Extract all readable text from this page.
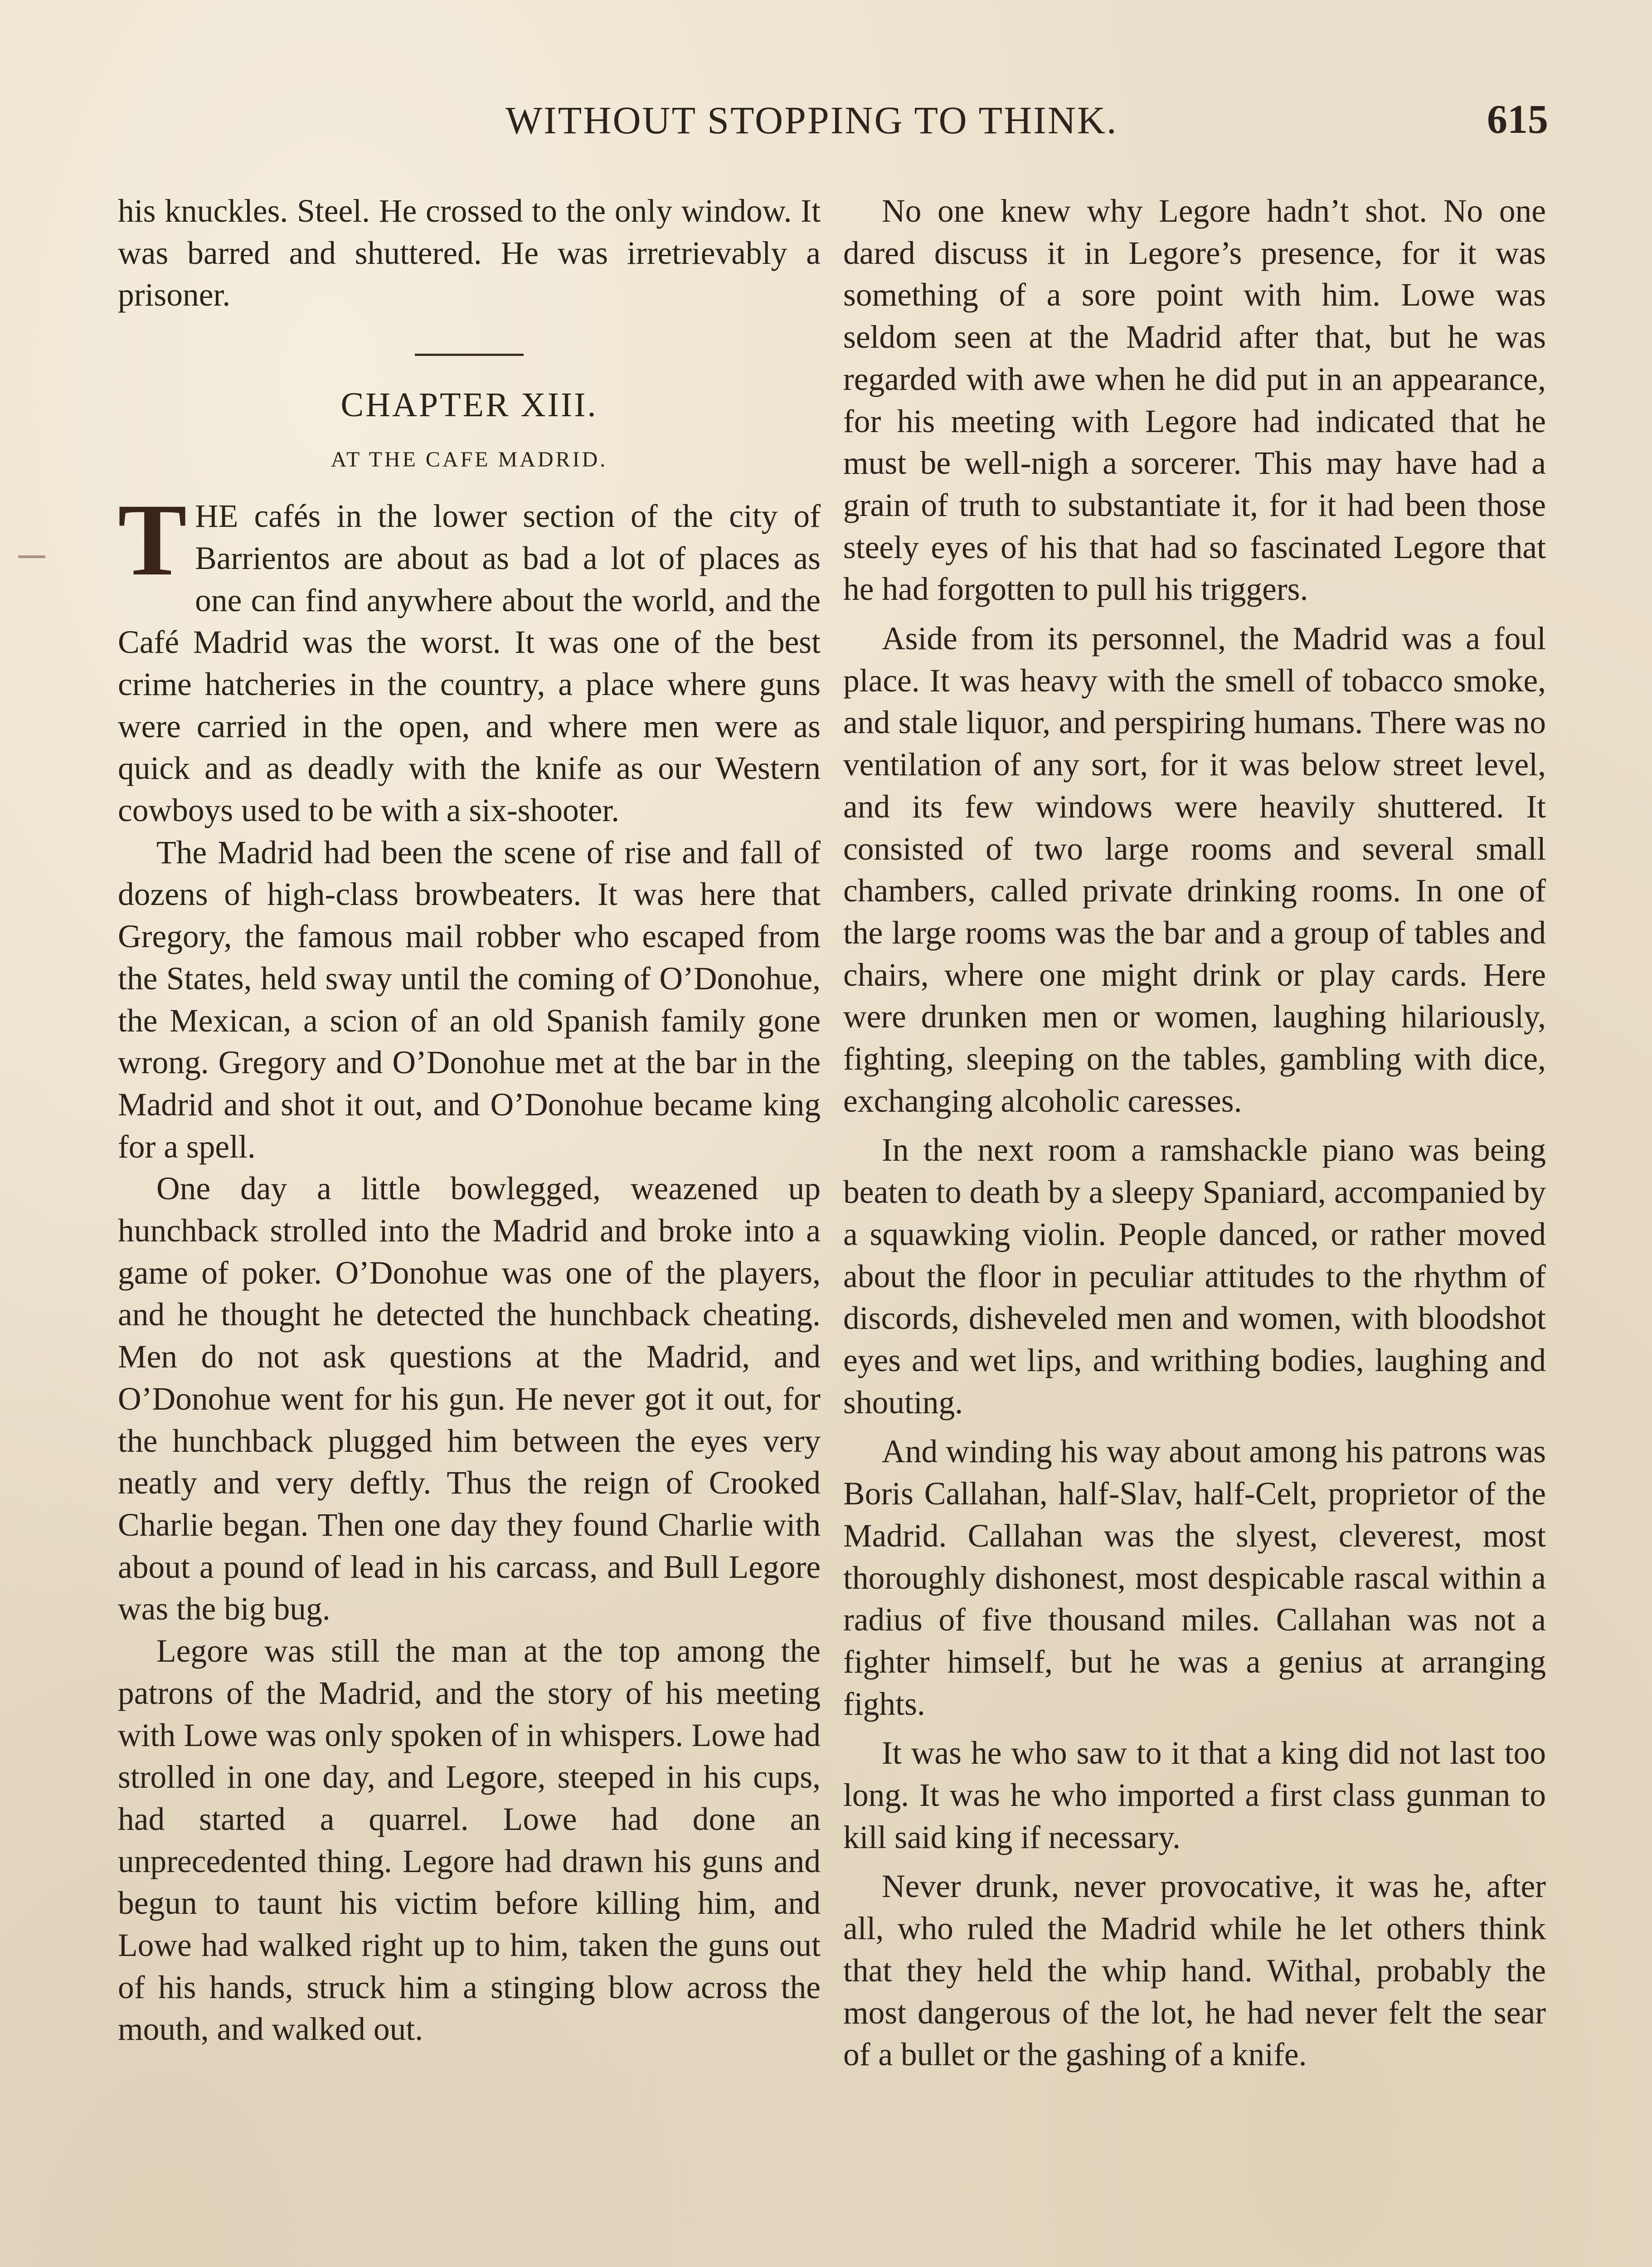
WITHOUT STOPPING TO THINK.	615

his knuckles. Steel. He crossed to the only window. It was barred and shuttered. He was irretrievably a prisoner.

CHAPTER XIII.
AT THE CAFE MADRID.

THE cafés in the lower section of the city of Barrientos are about as bad a lot of places as one can find anywhere about the world, and the Café Madrid was the worst. It was one of the best crime hatcheries in the country, a place where guns were carried in the open, and where men were as quick and as deadly with the knife as our Western cowboys used to be with a six-shooter.

The Madrid had been the scene of rise and fall of dozens of high-class browbeaters. It was here that Gregory, the famous mail robber who escaped from the States, held sway until the coming of O’Donohue, the Mexican, a scion of an old Spanish family gone wrong. Gregory and O’Donohue met at the bar in the Madrid and shot it out, and O’Donohue became king for a spell.

One day a little bowlegged, weazened up hunchback strolled into the Madrid and broke into a game of poker. O’Donohue was one of the players, and he thought he detected the hunchback cheating. Men do not ask questions at the Madrid, and O’Donohue went for his gun. He never got it out, for the hunchback plugged him between the eyes very neatly and very deftly. Thus the reign of Crooked Charlie began. Then one day they found Charlie with about a pound of lead in his carcass, and Bull Legore was the big bug.

Legore was still the man at the top among the patrons of the Madrid, and the story of his meeting with Lowe was only spoken of in whispers. Lowe had strolled in one day, and Legore, steeped in his cups, had started a quarrel. Lowe had done an unprecedented thing. Legore had drawn his guns and begun to taunt his victim before killing him, and Lowe had walked right up to him, taken the guns out of his hands, struck him a stinging blow across the mouth, and walked out.

No one knew why Legore hadn’t shot. No one dared discuss it in Legore’s presence, for it was something of a sore point with him. Lowe was seldom seen at the Madrid after that, but he was regarded with awe when he did put in an appearance, for his meeting with Legore had indicated that he must be well-nigh a sorcerer. This may have had a grain of truth to substantiate it, for it had been those steely eyes of his that had so fascinated Legore that he had forgotten to pull his triggers.

Aside from its personnel, the Madrid was a foul place. It was heavy with the smell of tobacco smoke, and stale liquor, and perspiring humans. There was no ventilation of any sort, for it was below street level, and its few windows were heavily shuttered. It consisted of two large rooms and several small chambers, called private drinking rooms. In one of the large rooms was the bar and a group of tables and chairs, where one might drink or play cards. Here were drunken men or women, laughing hilariously, fighting, sleeping on the tables, gambling with dice, exchanging alcoholic caresses.

In the next room a ramshackle piano was being beaten to death by a sleepy Spaniard, accompanied by a squawking violin. People danced, or rather moved about the floor in peculiar attitudes to the rhythm of discords, disheveled men and women, with bloodshot eyes and wet lips, and writhing bodies, laughing and shouting.

And winding his way about among his patrons was Boris Callahan, half-Slav, half-Celt, proprietor of the Madrid. Callahan was the slyest, cleverest, most thoroughly dishonest, most despicable rascal within a radius of five thousand miles. Callahan was not a fighter himself, but he was a genius at arranging fights.

It was he who saw to it that a king did not last too long. It was he who imported a first class gunman to kill said king if necessary.

Never drunk, never provocative, it was he, after all, who ruled the Madrid while he let others think that they held the whip hand. Withal, probably the most dangerous of the lot, he had never felt the sear of a bullet or the gashing of a knife.
